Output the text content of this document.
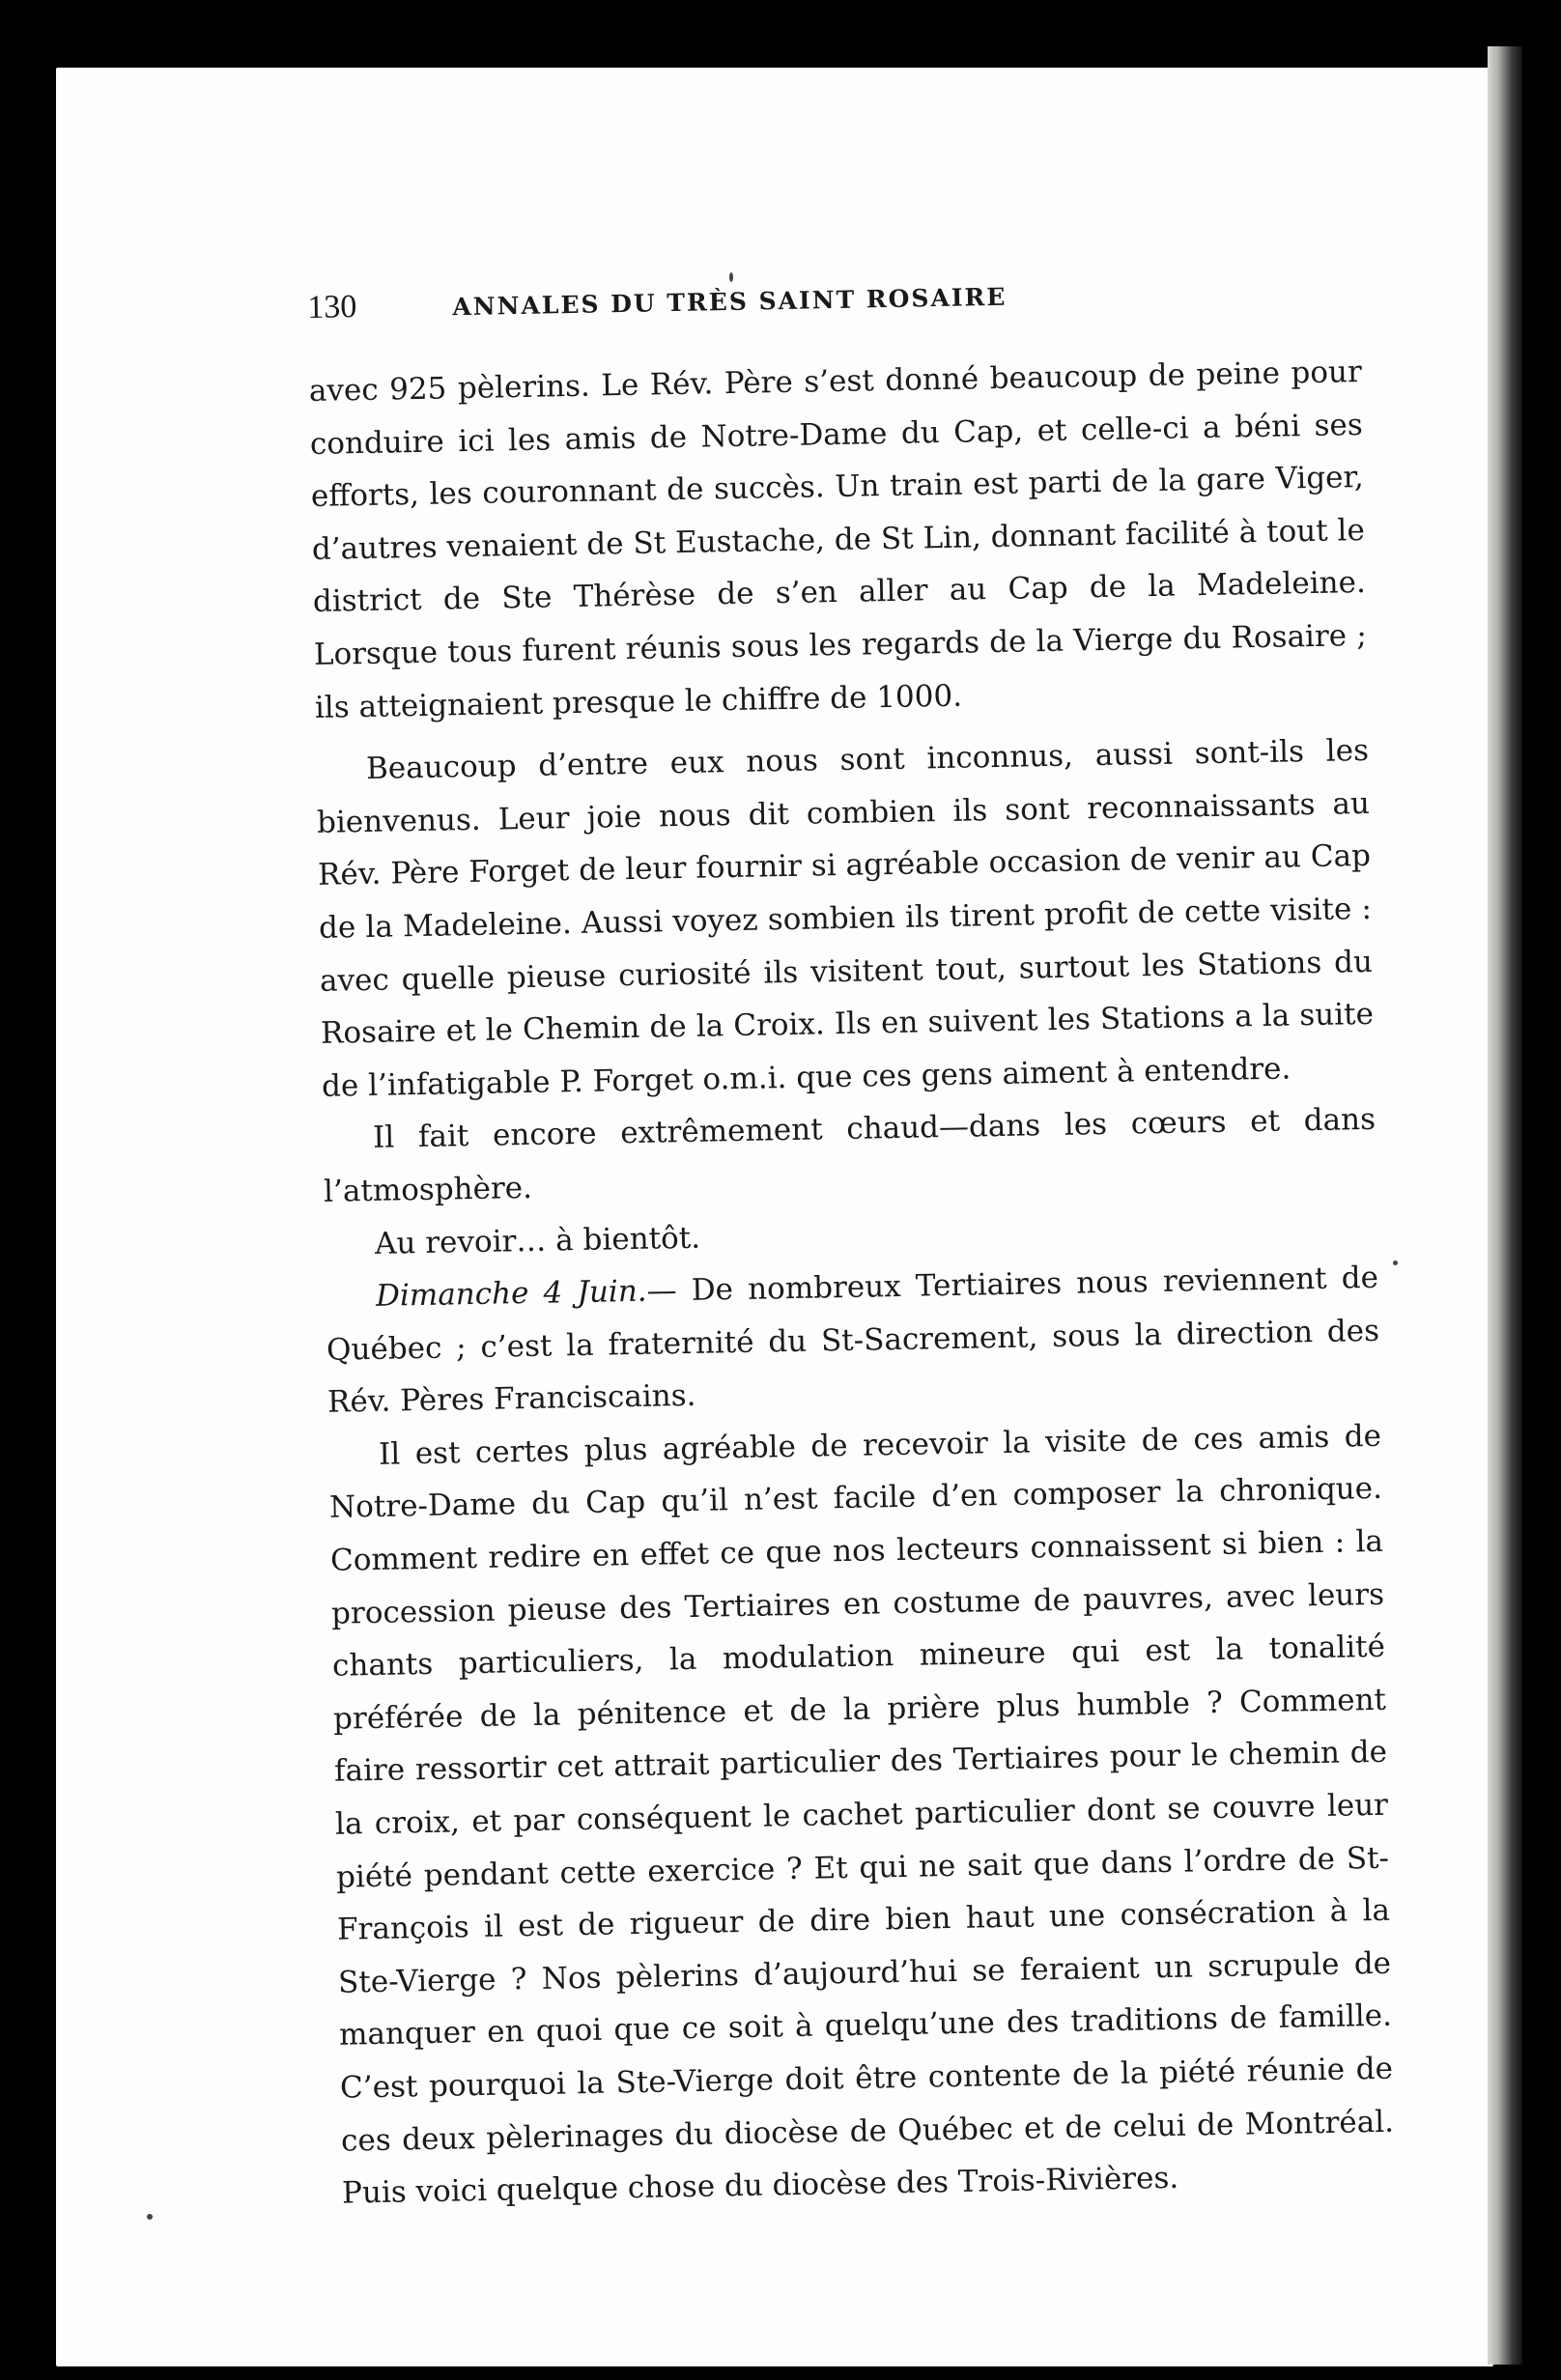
130	ANNALES DU TRÈS SAINT ROSAIRE

avec 925 pèlerins. Le Rév. Père s’est donné beaucoup de peine pour conduire ici les amis de Notre-Dame du Cap, et celle-ci a béni ses efforts, les couronnant de succès. Un train est parti de la gare Viger, d’autres venaient de St Eustache, de St Lin, donnant facilité à tout le district de Ste Thérèse de s’en aller au Cap de la Madeleine. Lorsque tous furent réunis sous les regards de la Vierge du Rosaire ; ils atteignaient presque le chiffre de 1000.

Beaucoup d’entre eux nous sont inconnus, aussi sont-ils les bienvenus. Leur joie nous dit combien ils sont reconnaissants au Rév. Père Forget de leur fournir si agréable occasion de venir au Cap de la Madeleine. Aussi voyez sombien ils tirent profit de cette visite : avec quelle pieuse curiosité ils visitent tout, surtout les Stations du Rosaire et le Chemin de la Croix. Ils en suivent les Stations a la suite de l’infatigable P. Forget o.m.i. que ces gens aiment à entendre.

Il fait encore extrêmement chaud—dans les cœurs et dans l’atmosphère.

Au revoir… à bientôt.

Dimanche 4 Juin.— De nombreux Tertiaires nous reviennent de Québec ; c’est la fraternité du St-Sacrement, sous la direction des Rév. Pères Franciscains.

Il est certes plus agréable de recevoir la visite de ces amis de Notre-Dame du Cap qu’il n’est facile d’en composer la chronique. Comment redire en effet ce que nos lecteurs connaissent si bien : la procession pieuse des Tertiaires en costume de pauvres, avec leurs chants particuliers, la modulation mineure qui est la tonalité préférée de la pénitence et de la prière plus humble ? Comment faire ressortir cet attrait particulier des Tertiaires pour le chemin de la croix, et par conséquent le cachet particulier dont se couvre leur piété pendant cette exercice ? Et qui ne sait que dans l’ordre de St-François il est de rigueur de dire bien haut une consécration à la Ste-Vierge ? Nos pèlerins d’aujourd’hui se feraient un scrupule de manquer en quoi que ce soit à quelqu’une des traditions de famille. C’est pourquoi la Ste-Vierge doit être contente de la piété réunie de ces deux pèlerinages du diocèse de Québec et de celui de Montréal. Puis voici quelque chose du diocèse des Trois-Rivières.
